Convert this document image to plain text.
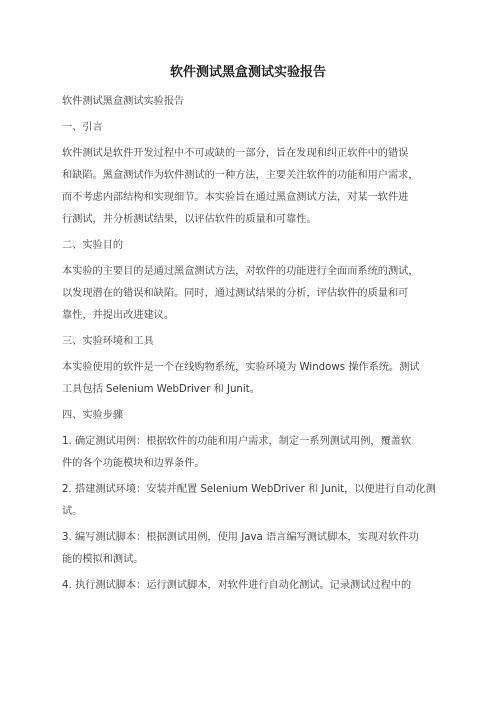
软件测试黑盒测试实验报告
软件测试黑盒测试实验报告
一、引言
软件测试是软件开发过程中不可或缺的一部分，旨在发现和纠正软件中的错误
和缺陷。黑盒测试作为软件测试的一种方法，主要关注软件的功能和用户需求，
而不考虑内部结构和实现细节。本实验旨在通过黑盒测试方法，对某一软件进
行测试，并分析测试结果，以评估软件的质量和可靠性。
二、实验目的
本实验的主要目的是通过黑盒测试方法，对软件的功能进行全面而系统的测试，
以发现潜在的错误和缺陷。同时，通过测试结果的分析，评估软件的质量和可
靠性，并提出改进建议。
三、实验环境和工具
本实验使用的软件是一个在线购物系统，实验环境为 Windows 操作系统。测试
工具包括 Selenium WebDriver 和 Junit。
四、实验步骤
1. 确定测试用例：根据软件的功能和用户需求，制定一系列测试用例，覆盖软
件的各个功能模块和边界条件。
2. 搭建测试环境：安装并配置 Selenium WebDriver 和 Junit，以便进行自动化测
试。
3. 编写测试脚本：根据测试用例，使用 Java 语言编写测试脚本，实现对软件功
能的模拟和测试。
4. 执行测试脚本：运行测试脚本，对软件进行自动化测试。记录测试过程中的
